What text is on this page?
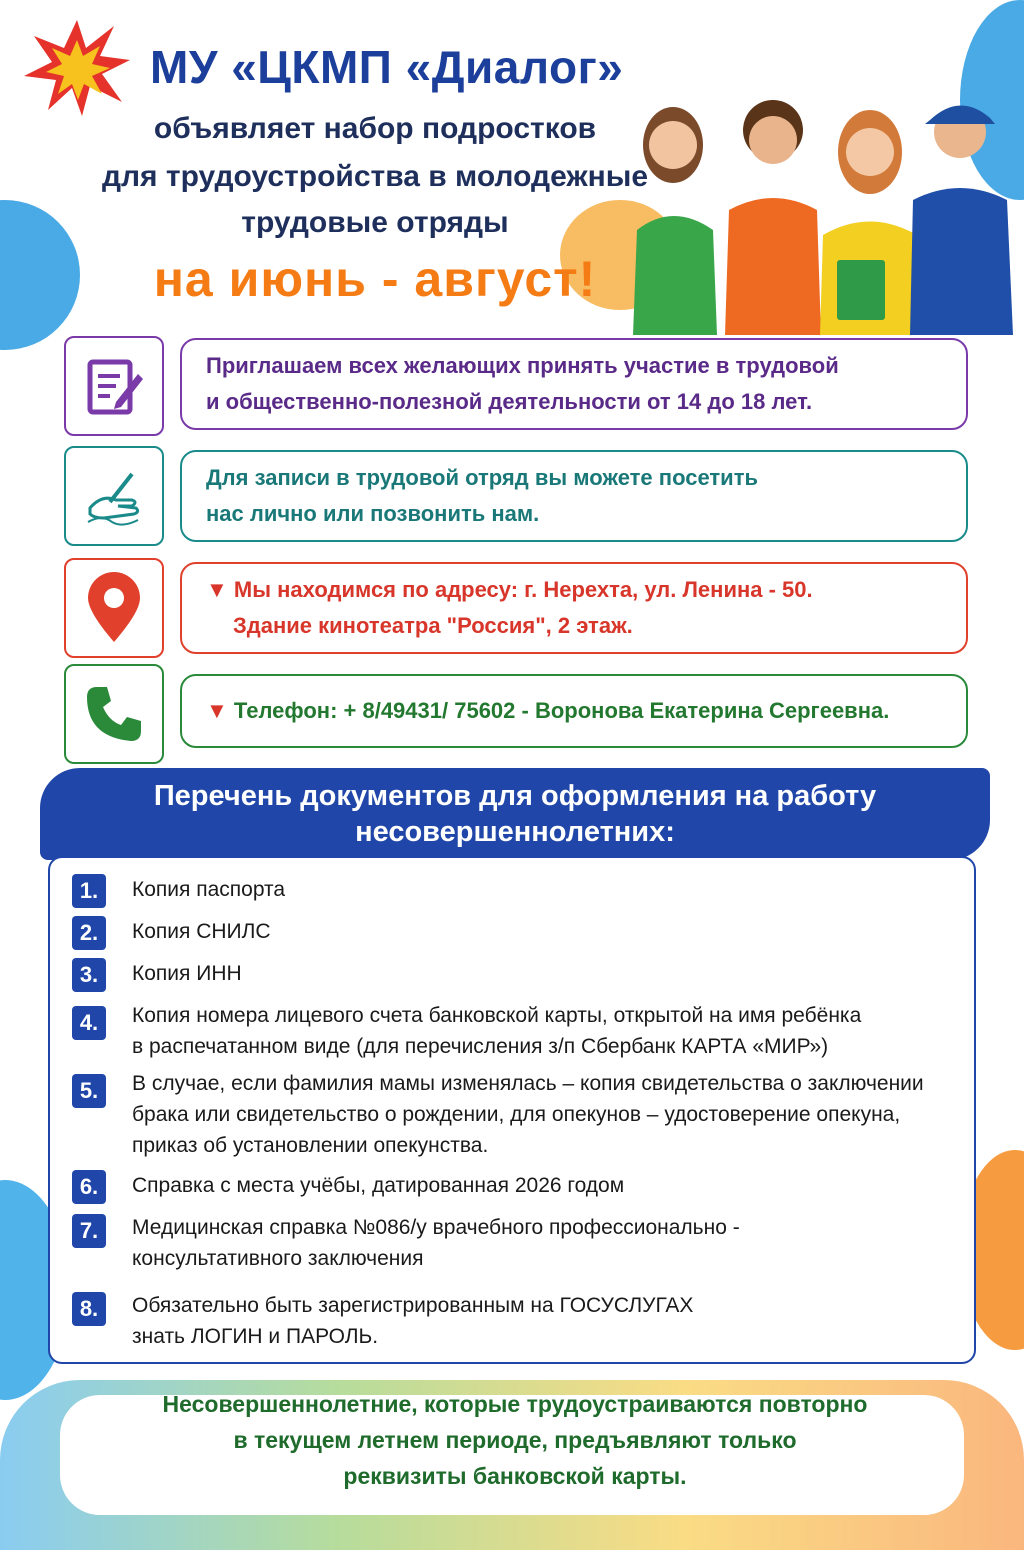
МУ «ЦКМП «Диалог»
объявляет набор подростков
для трудоустройства в молодежные
трудовые отряды
на июнь - август!
Приглашаем всех желающих принять участие в трудовой
и общественно-полезной деятельности от 14 до 18 лет.
Для записи в трудовой отряд вы можете посетить
нас лично или позвонить нам.
▼ Мы находимся по адресу: г. Нерехта, ул. Ленина - 50.
Здание кинотеатра "Россия", 2 этаж.
▼ Телефон: + 8/49431/ 75602 - Воронова Екатерина Сергеевна.
Перечень документов для оформления на работу
несовершеннолетних:
1.	Копия паспорта
2.	Копия СНИЛС
3.	Копия ИНН
4.	Копия номера лицевого счета банковской карты, открытой на имя ребёнка
в распечатанном виде (для перечисления з/п Сбербанк КАРТА «МИР»)
5.	В случае, если фамилия мамы изменялась – копия свидетельства о заключении
брака или свидетельство о рождении, для опекунов – удостоверение опекуна,
приказ об установлении опекунства.
6.	Справка с места учёбы, датированная 2026 годом
7.	Медицинская справка №086/у врачебного профессионально -
консультативного заключения
8.	Обязательно быть зарегистрированным на ГОСУСЛУГАХ
знать ЛОГИН и ПАРОЛЬ.
Несовершеннолетние, которые трудоустраиваются повторно
в текущем летнем периоде, предъявляют только
реквизиты банковской карты.
